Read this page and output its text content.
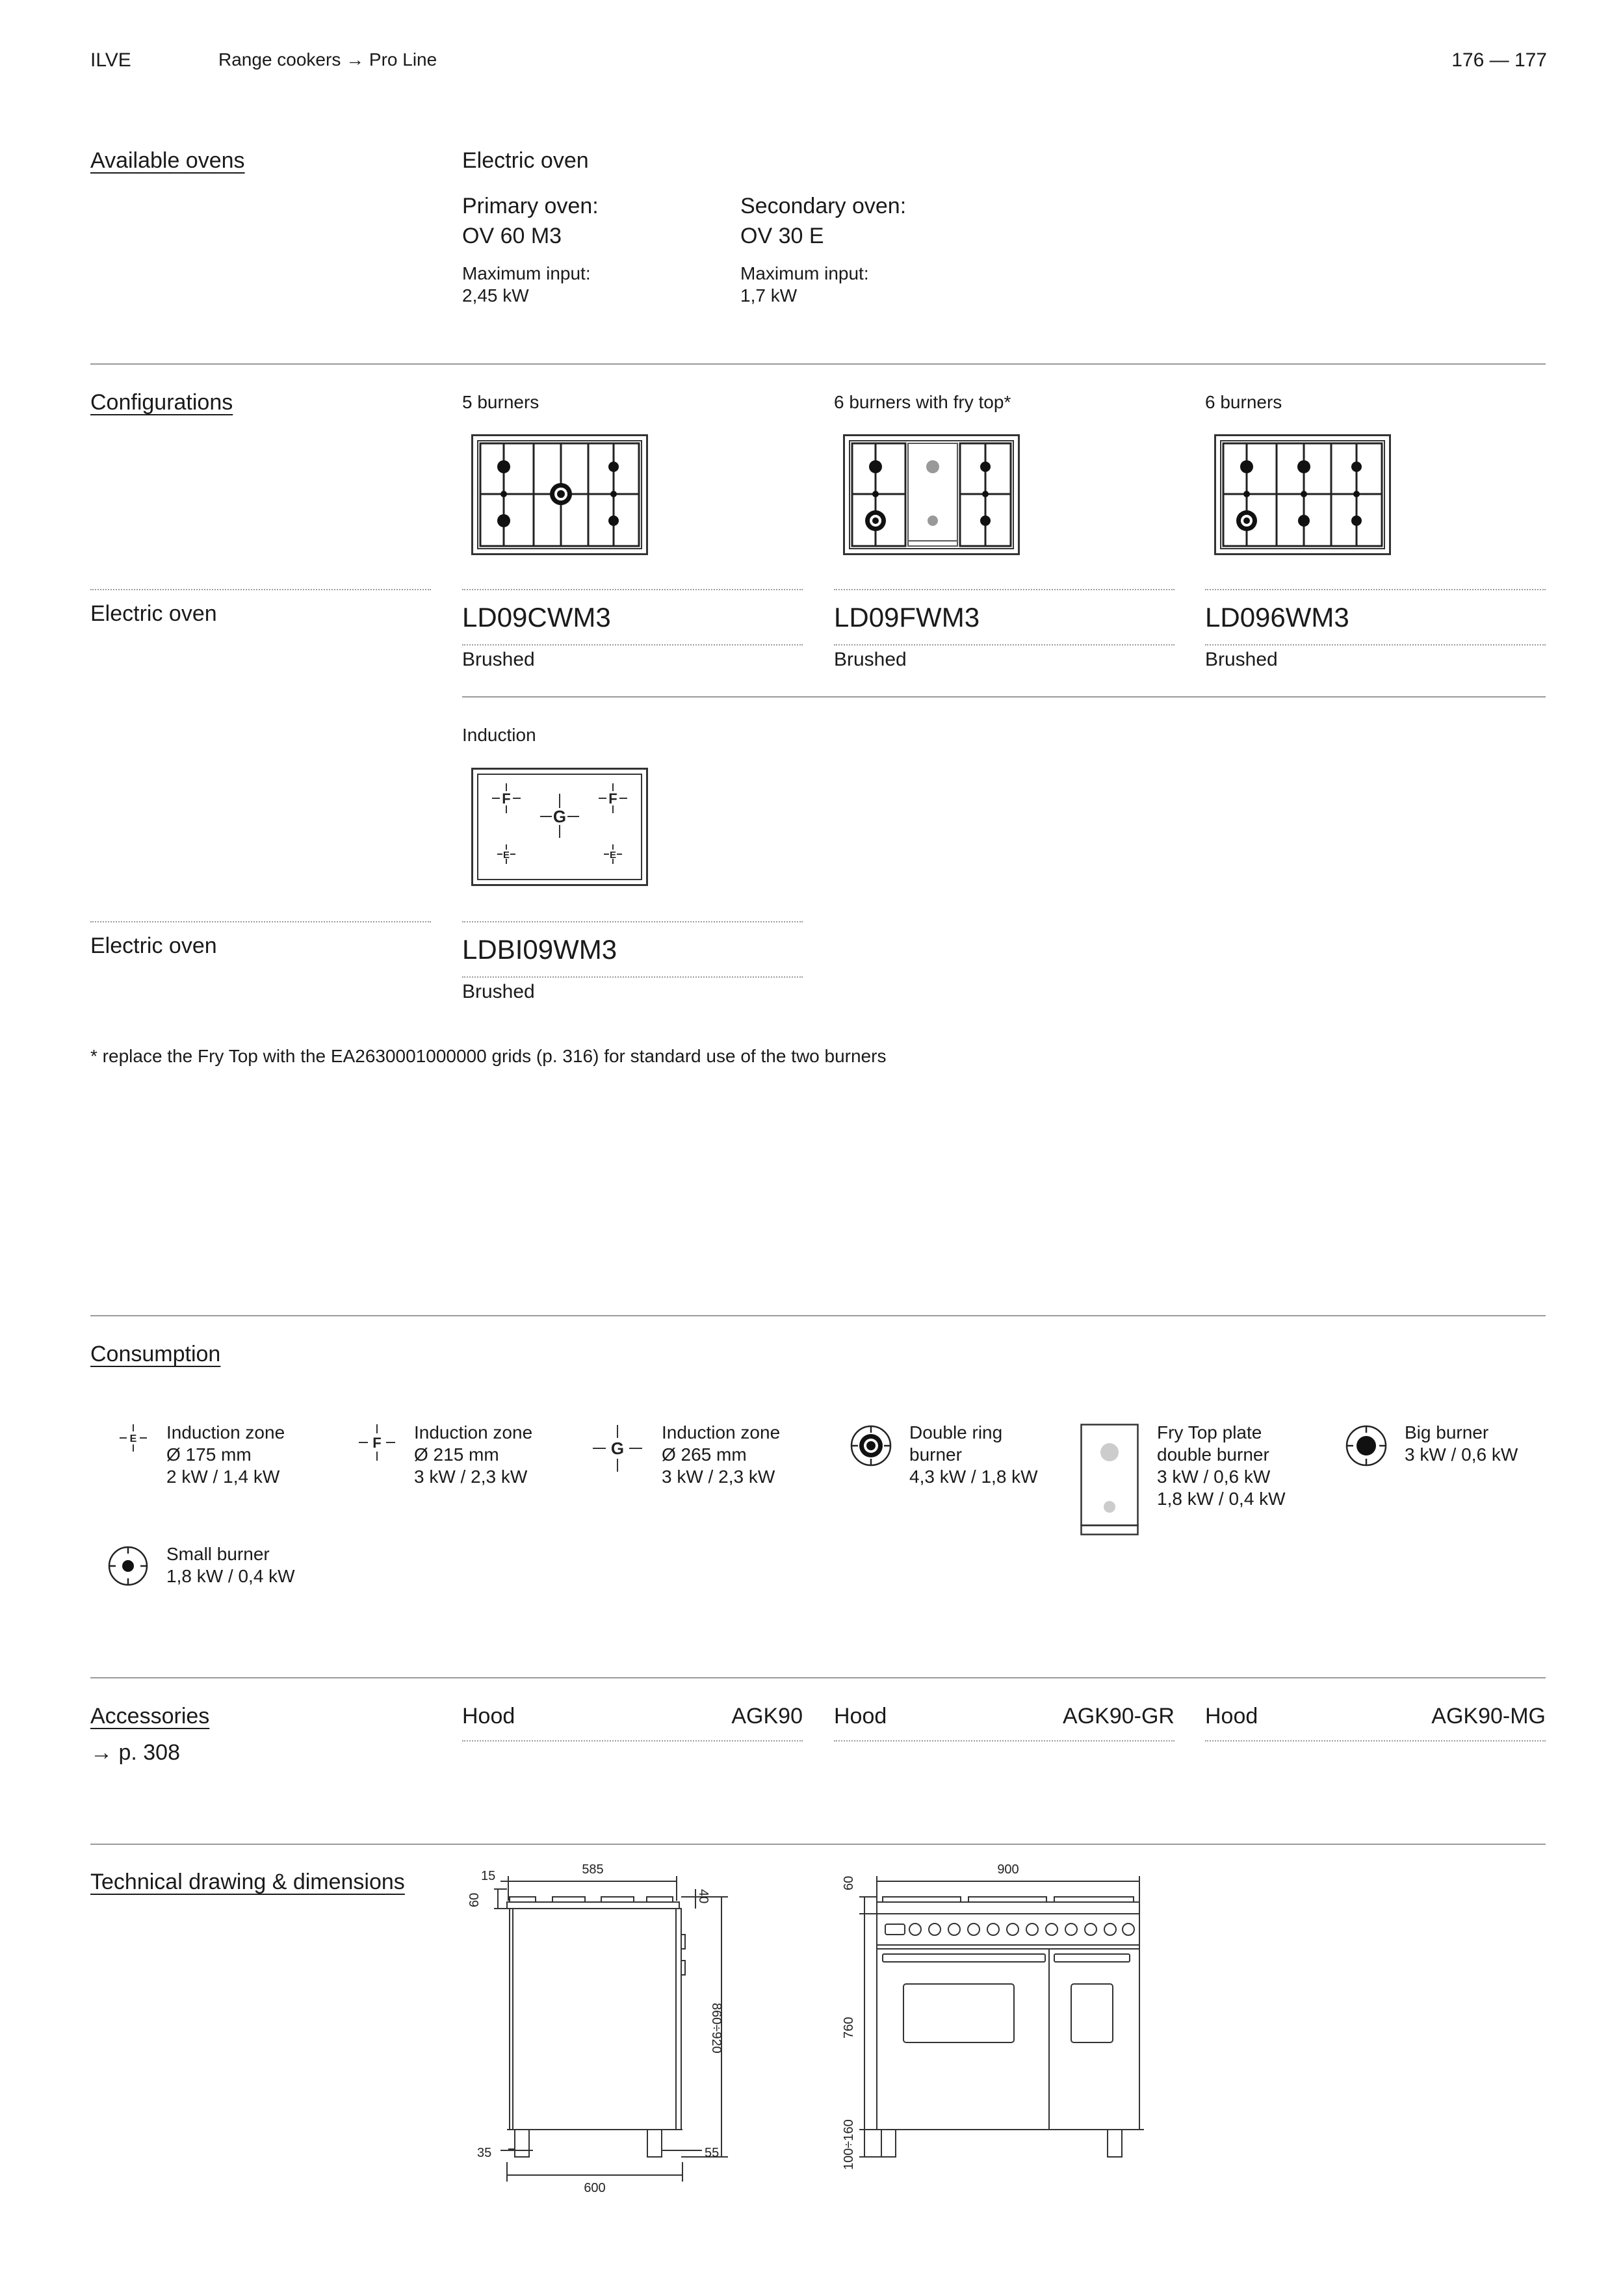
ILVE	Range cookers → Pro Line	176 — 177
Available ovens	Electric oven
Primary oven:
OV 60 M3
Maximum input:
2,45 kW
Secondary oven:
OV 30 E
Maximum input:
1,7 kW
Configurations	5 burners	6 burners with fry top*	6 burners
Electric oven	LD09CWM3	LD09FWM3	LD096WM3
Brushed	Brushed	Brushed
Induction
F
G
F
E	E
Electric oven	LDBI09WM3
Brushed
* replace the Fry Top with the EA2630001000000 grids (p. 316) for standard use of the two burners
Consumption
E Induction zone
Ø 175 mm
2 kW / 1,4 kW
F
Induction zone
Ø 215 mm
3 kW / 2,3 kW
G
Induction zone
Ø 265 mm
3 kW / 2,3 kW
Double ring
burner
4,3 kW / 1,8 kW
Fry Top plate
double burner
3 kW / 0,6 kW
1,8 kW / 0,4 kW
Big burner
3 kW / 0,6 kW
Small burner
1,8 kW / 0,4 kW
Accessories
→ p. 308
Hood	AGK90 Hood	AGK90-GR Hood	AGK90-MG
Technical drawing & dimensions	15	585
60	40
860÷920
35	55
600
900
60
760
100÷160
